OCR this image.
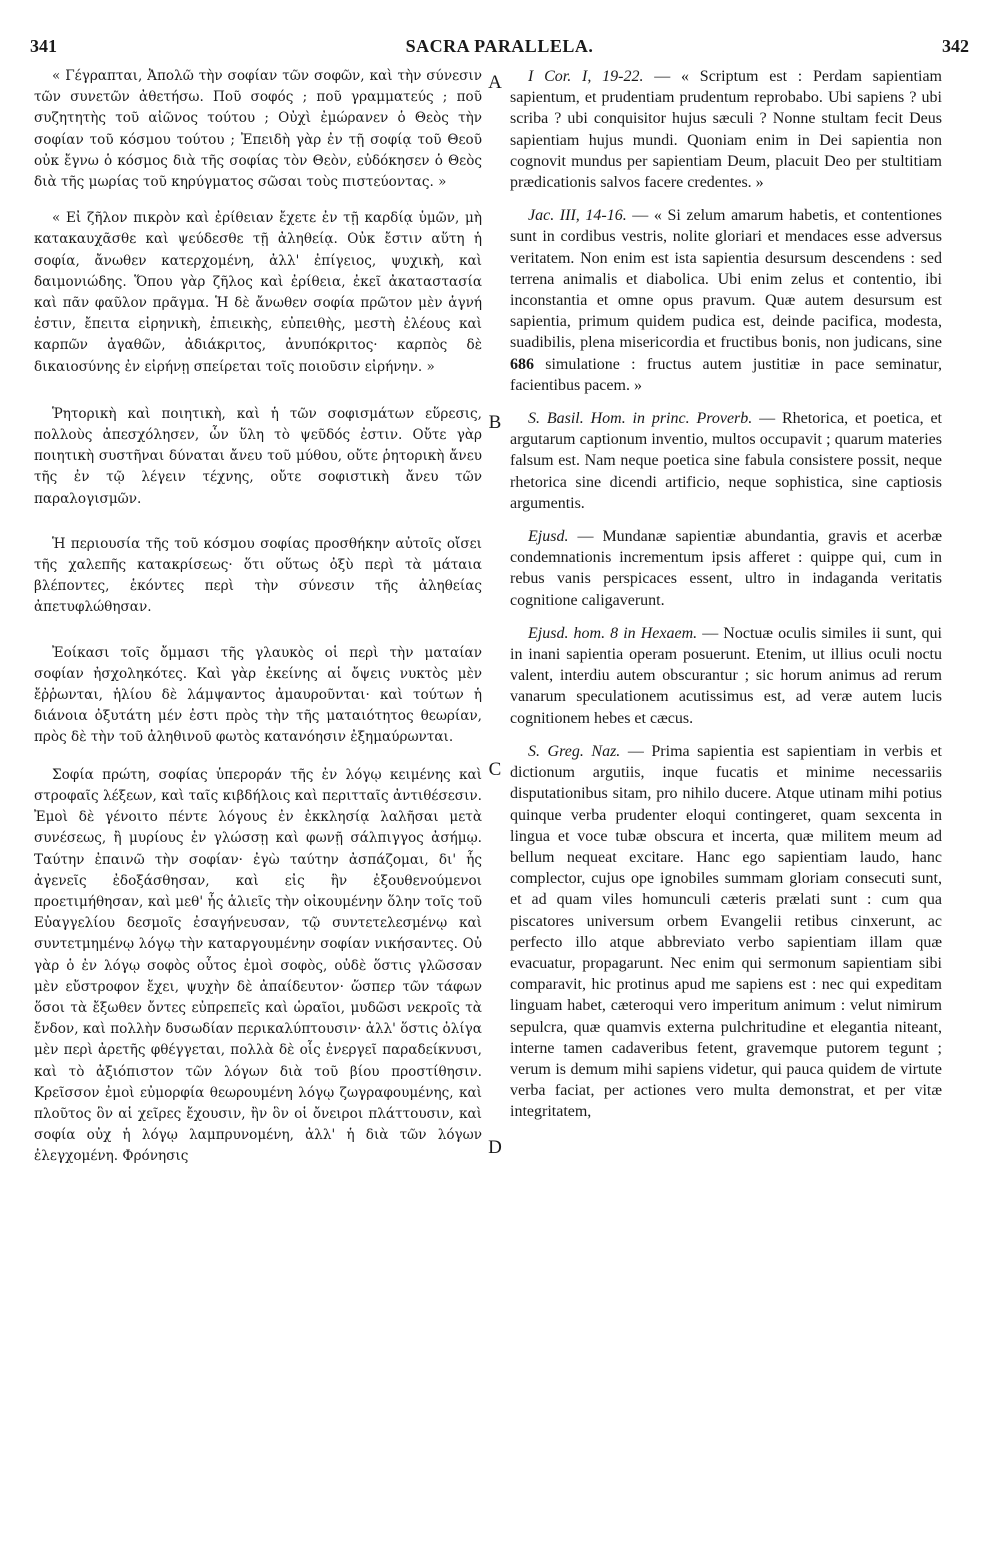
341	SACRA PARALLELA.	342

« Γέγραπται, Ἀπολῶ τὴν σοφίαν τῶν σοφῶν, καὶ τὴν σύνεσιν τῶν συνετῶν ἀθετήσω. Ποῦ σοφός ; ποῦ γραμματεύς ; ποῦ συζητητὴς τοῦ αἰῶνος τούτου ; Οὐχὶ ἐμώρανεν ὁ Θεὸς τὴν σοφίαν τοῦ κόσμου τούτου ; Ἐπειδὴ γὰρ ἐν τῇ σοφίᾳ τοῦ Θεοῦ οὐκ ἔγνω ὁ κόσμος διὰ τῆς σοφίας τὸν Θεὸν, εὐδόκησεν ὁ Θεὸς διὰ τῆς μωρίας τοῦ κηρύγματος σῶσαι τοὺς πιστεύοντας. »

« Εἰ ζῆλον πικρὸν καὶ ἐρίθειαν ἔχετε ἐν τῇ καρδίᾳ ὑμῶν, μὴ κατακαυχᾶσθε καὶ ψεύδεσθε τῇ ἀληθείᾳ. Οὐκ ἔστιν αὕτη ἡ σοφία, ἄνωθεν κατερχομένη, ἀλλ' ἐπίγειος, ψυχικὴ, καὶ δαιμονιώδης. Ὅπου γὰρ ζῆλος καὶ ἐρίθεια, ἐκεῖ ἀκαταστασία καὶ πᾶν φαῦλον πρᾶγμα. Ἡ δὲ ἄνωθεν σοφία πρῶτον μὲν ἁγνή ἐστιν, ἔπειτα εἰρηνικὴ, ἐπιεικὴς, εὐπειθὴς, μεστὴ ἐλέους καὶ καρπῶν ἀγαθῶν, ἀδιάκριτος, ἀνυπόκριτος· καρπὸς δὲ δικαιοσύνης ἐν εἰρήνῃ σπείρεται τοῖς ποιοῦσιν εἰρήνην. »

Ῥητορικὴ καὶ ποιητικὴ, καὶ ἡ τῶν σοφισμάτων εὕρεσις, πολλοὺς ἀπεσχόλησεν, ὧν ὕλη τὸ ψεῦδός ἐστιν. Οὔτε γὰρ ποιητικὴ συστῆναι δύναται ἄνευ τοῦ μύθου, οὔτε ῥητορικὴ ἄνευ τῆς ἐν τῷ λέγειν τέχνης, οὔτε σοφιστικὴ ἄνευ τῶν παραλογισμῶν.

Ἡ περιουσία τῆς τοῦ κόσμου σοφίας προσθήκην αὐτοῖς οἴσει τῆς χαλεπῆς κατακρίσεως· ὅτι οὕτως ὀξὺ περὶ τὰ μάταια βλέποντες, ἑκόντες περὶ τὴν σύνεσιν τῆς ἀληθείας ἀπετυφλώθησαν.

Ἐοίκασι τοῖς ὄμμασι τῆς γλαυκὸς οἱ περὶ τὴν ματαίαν σοφίαν ἠσχοληκότες. Καὶ γὰρ ἐκείνης αἱ ὄψεις νυκτὸς μὲν ἔῤῥωνται, ἡλίου δὲ λάμψαντος ἀμαυροῦνται· καὶ τούτων ἡ διάνοια ὀξυτάτη μέν ἐστι πρὸς τὴν τῆς ματαιότητος θεωρίαν, πρὸς δὲ τὴν τοῦ ἀληθινοῦ φωτὸς κατανόησιν ἐξημαύρωνται.

Σοφία πρώτη, σοφίας ὑπεροράν τῆς ἐν λόγῳ κειμένης καὶ στροφαῖς λέξεων, καὶ ταῖς κιβδήλοις καὶ περιτταῖς ἀντιθέσεσιν. Ἐμοὶ δὲ γένοιτο πέντε λόγους ἐν ἐκκλησίᾳ λαλῆσαι μετὰ συνέσεως, ἢ μυρίους ἐν γλώσσῃ καὶ φωνῇ σάλπιγγος ἀσήμῳ. Ταύτην ἐπαινῶ τὴν σοφίαν· ἐγὼ ταύτην ἀσπάζομαι, δι' ἧς ἀγενεῖς ἐδοξάσθησαν, καὶ εἰς ἣν ἐξουθενούμενοι προετιμήθησαν, καὶ μεθ' ἧς ἁλιεῖς τὴν οἰκουμένην ὅλην τοῖς τοῦ Εὐαγγελίου δεσμοῖς ἐσαγήνευσαν, τῷ συντετελεσμένῳ καὶ συντετμημένῳ λόγῳ τὴν καταργουμένην σοφίαν νικήσαντες. Οὐ γὰρ ὁ ἐν λόγῳ σοφὸς οὗτος ἐμοὶ σοφὸς, οὐδὲ ὅστις γλῶσσαν μὲν εὔστροφον ἔχει, ψυχὴν δὲ ἀπαίδευτον· ὥσπερ τῶν τάφων ὅσοι τὰ ἔξωθεν ὄντες εὐπρεπεῖς καὶ ὡραῖοι, μυδῶσι νεκροῖς τὰ ἔνδον, καὶ πολλὴν δυσωδίαν περικαλύπτουσιν· ἀλλ' ὅστις ὀλίγα μὲν περὶ ἀρετῆς φθέγγεται, πολλὰ δὲ οἷς ἐνεργεῖ παραδείκνυσι, καὶ τὸ ἀξιόπιστον τῶν λόγων διὰ τοῦ βίου προστίθησιν. Κρεῖσσον ἐμοὶ εὐμορφία θεωρουμένη λόγῳ ζωγραφουμένης, καὶ πλοῦτος ὃν αἱ χεῖρες ἔχουσιν, ἢν ὃν οἱ ὄνειροι πλάττουσιν, καὶ σοφία οὐχ ἡ λόγῳ λαμπρυνομένη, ἀλλ' ἡ διὰ τῶν λόγων ἐλεγχομένη. Φρόνησις

A
B
C
D

I Cor. I, 19-22. — « Scriptum est : Perdam sapientiam sapientum, et prudentiam prudentum reprobabo. Ubi sapiens ? ubi scriba ? ubi conquisitor hujus sæculi ? Nonne stultam fecit Deus sapientiam hujus mundi. Quoniam enim in Dei sapientia non cognovit mundus per sapientiam Deum, placuit Deo per stultitiam prædicationis salvos facere credentes. »

Jac. III, 14-16. — « Si zelum amarum habetis, et contentiones sunt in cordibus vestris, nolite gloriari et mendaces esse adversus veritatem. Non enim est ista sapientia desursum descendens : sed terrena animalis et diabolica. Ubi enim zelus et contentio, ibi inconstantia et omne opus pravum. Quæ autem desursum est sapientia, primum quidem pudica est, deinde pacifica, modesta, suadibilis, plena misericordia et fructibus bonis, non judicans, sine 686 simulatione : fructus autem justitiæ in pace seminatur, facientibus pacem. »

S. Basil. Hom. in princ. Proverb. — Rhetorica, et poetica, et argutarum captionum inventio, multos occupavit ; quarum materies falsum est. Nam neque poetica sine fabula consistere possit, neque rhetorica sine dicendi artificio, neque sophistica, sine captiosis argumentis.

Ejusd. — Mundanæ sapientiæ abundantia, gravis et acerbæ condemnationis incrementum ipsis afferet : quippe qui, cum in rebus vanis perspicaces essent, ultro in indaganda veritatis cognitione caligaverunt.

Ejusd. hom. 8 in Hexaem. — Noctuæ oculis similes ii sunt, qui in inani sapientia operam posuerunt. Etenim, ut illius oculi noctu valent, interdiu autem obscurantur ; sic horum animus ad rerum vanarum speculationem acutissimus est, ad veræ autem lucis cognitionem hebes et cæcus.

S. Greg. Naz. — Prima sapientia est sapientiam in verbis et dictionum argutiis, inque fucatis et minime necessariis disputationibus sitam, pro nihilo ducere. Atque utinam mihi potius quinque verba prudenter eloqui contingeret, quam sexcenta in lingua et voce tubæ obscura et incerta, quæ militem meum ad bellum nequeat excitare. Hanc ego sapientiam laudo, hanc complector, cujus ope ignobiles summam gloriam consecuti sunt, et ad quam viles homunculi cæteris prælati sunt : cum qua piscatores universum orbem Evangelii retibus cinxerunt, ac perfecto illo atque abbreviato verbo sapientiam illam quæ evacuatur, propagarunt. Nec enim qui sermonum sapientiam sibi comparavit, hic protinus apud me sapiens est : nec qui expeditam linguam habet, cæteroqui vero imperitum animum : velut nimirum sepulcra, quæ quamvis externa pulchritudine et elegantia niteant, interne tamen cadaveribus fetent, gravemque putorem tegunt ; verum is demum mihi sapiens videtur, qui pauca quidem de virtute verba faciat, per actiones vero multa demonstrat, et per vitæ integritatem,
